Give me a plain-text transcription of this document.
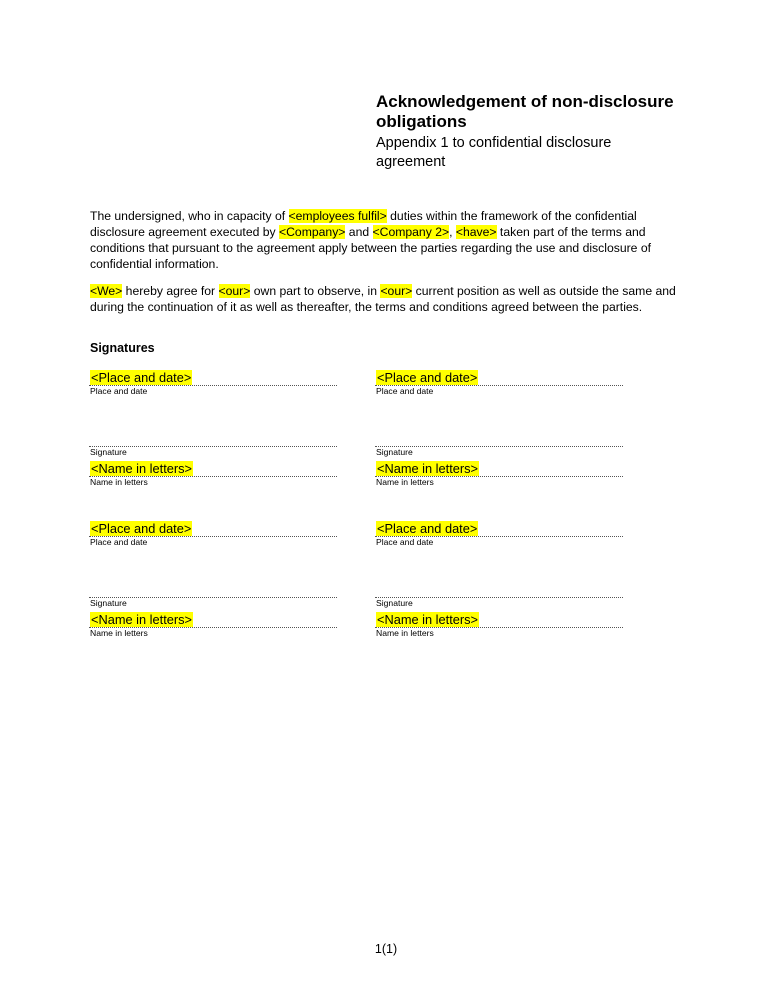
Acknowledgement of non-disclosure obligations

Appendix 1 to confidential disclosure agreement

The undersigned, who in capacity of <employees fulfil> duties within the framework of the confidential disclosure agreement executed by <Company> and <Company 2>, <have> taken part of the terms and conditions that pursuant to the agreement apply between the parties regarding the use and disclosure of confidential information.

<We> hereby agree for <our> own part to observe, in <our> current position as well as outside the same and during the continuation of it as well as thereafter, the terms and conditions agreed between the parties.

Signatures
<Place and date>
Place and date
Signature
<Name in letters>
Name in letters
<Place and date>
Place and date
Signature
<Name in letters>
Name in letters
<Place and date>
Place and date
Signature
<Name in letters>
Name in letters
<Place and date>
Place and date
Signature
<Name in letters>
Name in letters
1(1)
